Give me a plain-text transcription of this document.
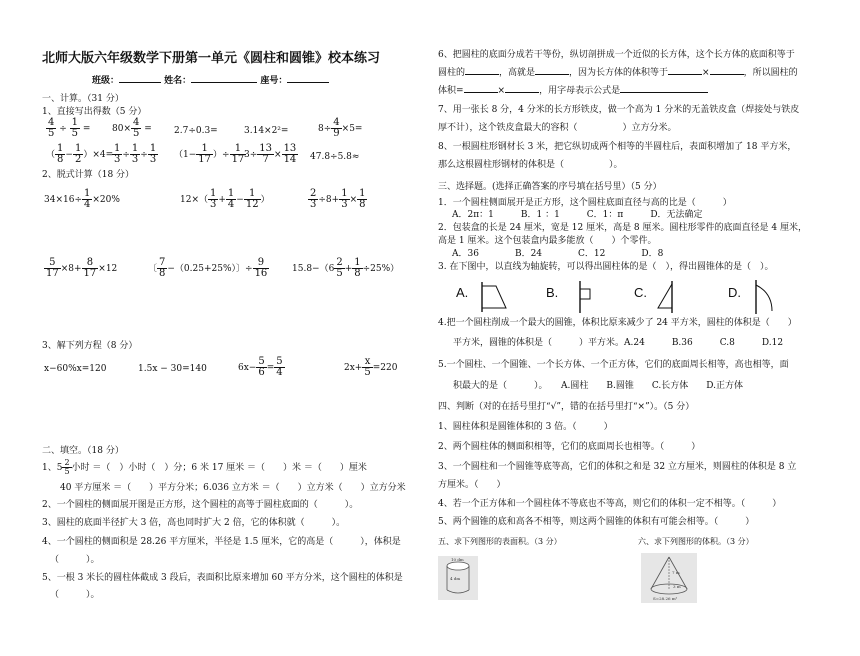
北师大版六年级数学下册第一单元《圆柱和圆锥》校本练习
班级：	姓名：	座号：
一、计算。（31 分）
1、直接写出得数（5 分）
$\frac{4}{5} \div \frac{1}{5} = 80\times \frac{4}{5} = 2.7\div 0.3=$	3.14×2²=	$8\div \frac{4}{9} \times 5=$
（ $\frac{1}{8} - \frac{1}{2} )\times 4=$
$\frac{1}{3} \div \frac{1}{3} \div \frac{1}{3} (1- \frac{1}{17}$ ）÷ $\frac{1}{17}$
$3\div \frac{13}{7} \times \frac{13}{14} 47.8\div 5.8\approx$
2、脱式计算（18 分）
$34\times 16\div \frac{1}{4} \times 20\%$	$12\times( \frac{1}{3} + \frac{1}{4} - \frac{1}{12}$ ）	$\frac{2}{3} \div 8+ \frac{1}{3} \times \frac{1}{8}$
$\frac{5}{17} \times 8+ \frac{8}{17} \times 12$	〔 $\frac{7}{8} -(0.25+25\%)$〕÷ $\frac{9}{16}$	$15.8-(6 \frac{2}{5} + \frac{1}{8} \div 25\%)$
3、解下列方程（8 分）
x−60%x=120	1.5x − 30=140	$6x- \frac{5}{6} = \frac{5}{4}$	$2x+ \frac{x}{5} =220$
二、填空。（18 分）
1、$5 \frac{2}{5}$ 小时 ＝（　）小时（　）分；6 米 17 厘米 ＝（　　）米 ＝（　　）厘米
40 平方厘米 ＝（　　）平方分米；6.036 立方米 ＝（　　）立方米（　　）立方分米
2、一个圆柱的侧面展开图是正方形，这个圆柱的高等于圆柱底面的（　　　）。
3、圆柱的底面半径扩大 3 倍，高也同时扩大 2 倍，它的体积就（　　　）。
4、一个圆柱的侧面积是 28.26 平方厘米，半径是 1.5 厘米，它的高是（　　　），体积是
（　　　）。
5、一根 3 米长的圆柱体截成 3 段后，表面积比原来增加 60 平方分米，这个圆柱的体积是
（　　　）。
6、把圆柱的底面分成若干等份，纵切剖拼成一个近似的长方体，这个长方体的底面积等于
圆柱的	，高就是	，因为长方体的体积等于	×	，所以圆柱的
体积=	×	，用字母表示公式是
7、用一张长 8 分，4 分米的长方形铁皮，做一个高为 1 分米的无盖铁皮盒（焊接处与铁皮
厚不计），这个铁皮盒最大的容积（　　　　　）立方分米。
8、一根圆柱形钢材长 3 米，把它纵切成两个相等的半圆柱后，表面积增加了 18 平方米，
那么这根圆柱形钢材的体积是（　　　　　）。
三、选择题。(选择正确答案的序号填在括号里）（5 分）
1．一个圆柱侧面展开是正方形，这个圆柱底面直径与高的比是（　　　）
A．2π：1　　　B．1 ：1　　　C．1：π　　　D．无法确定
2．包装盒的长是 24 厘米，宽是 12 厘米，高是 8 厘米。圆柱形零件的底面直径是 4 厘米，
高是 1 厘米。这个包装盒内最多能放（　　）个零件。
A．36　　　　B．24　　　　C．12　　　　D．8
3. 在下图中，以直线为轴旋转，可以得出圆柱体的是（　），得出圆锥体的是（　）。
A.	B.	C.	D.
4.把一个圆柱削成一个最大的圆锥，体积比原来减少了 24 平方米，圆柱的体积是（　　）
平方米，圆锥的体积是（　　　）平方米。A.24　　　B.36　　　C.8　　　D.12
5.一个圆柱、一个圆锥、一个长方体、一个正方体，它们的底面周长相等，高也相等，面
积最大的是（　　　）。　　A.圆柱　　B.圆锥　　C.长方体　　D.正方体
四、判断（对的在括号里打“√”，错的在括号里打“×”）。（5 分）
1、圆柱体积是圆锥体积的 3 倍。（　　　）
2、两个圆柱体的侧面积相等，它们的底面周长也相等。（　　　）
3、一个圆柱和一个圆锥等底等高，它们的体积之和是 32 立方厘米，则圆柱的体积是 8 立
方厘米。（　　）
4、若一个正方体和一个圆柱体不等底也不等高，则它们的体积一定不相等。（　　　）
5、两个圆锥的底和高各不相等，则这两个圆锥的体积有可能会相等。（　　　）
五、求下列图形的表面积。（3 分）	六、求下列图形的体积。（3 分）
10 dm
4 dm
7 m
3 m
S=28.26 m²
